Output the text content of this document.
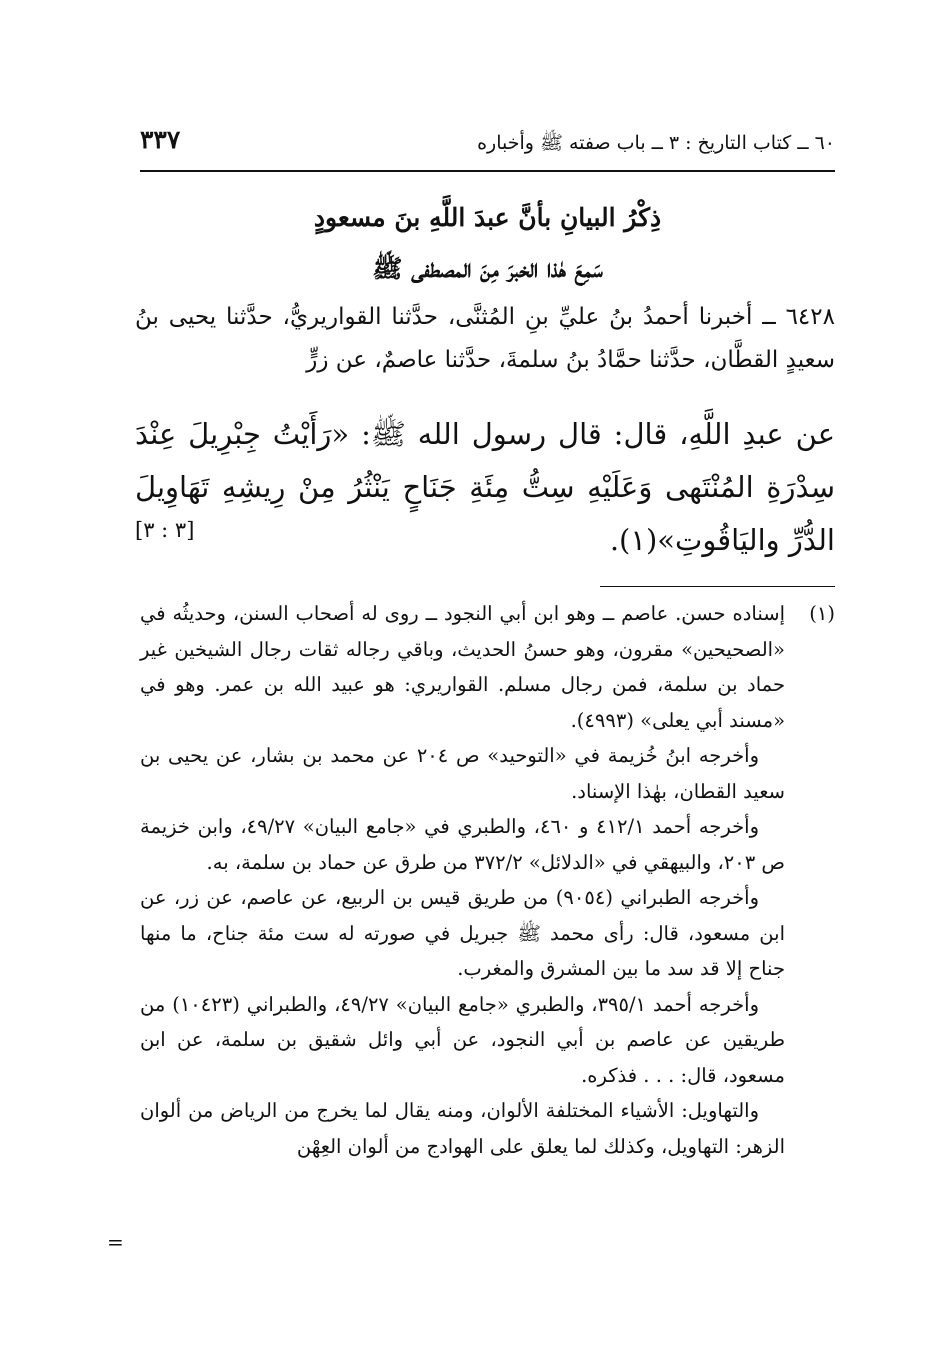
٦٠ ــ كتاب التاريخ : ٣ ــ باب صفته ﷺ وأخباره
٣٣٧
ذِكْرُ البيانِ بأنَّ عبدَ اللَّهِ بنَ مسعودٍ
سَمِعَ هٰذا الخبرَ مِنَ المصطفى ﷺ

٦٤٢٨ ــ أخبرنا أحمدُ بنُ عليِّ بنِ المُثنَّى، حدَّثنا القواريريُّ، حدَّثنا يحيى بنُ سعيدٍ القطَّان، حدَّثنا حمَّادُ بنُ سلمةَ، حدَّثنا عاصمٌ، عن زرٍّ

عن عبدِ اللَّهِ، قال: قال رسول الله ﷺ: «رَأَيْتُ جِبْرِيلَ عِنْدَ سِدْرَةِ المُنْتَهى وَعَلَيْهِ سِتُّ مِئَةِ جَنَاحٍ يَنْثُرُ مِنْ رِيشِهِ تَهَاوِيلَ الدُّرِّ واليَاقُوتِ»(١).

[٣ : ٣]
(١)

إسناده حسن. عاصم ــ وهو ابن أبي النجود ــ روى له أصحاب السنن، وحديثُه في «الصحيحين» مقرون، وهو حسنُ الحديث، وباقي رجاله ثقات رجال الشيخين غير حماد بن سلمة، فمن رجال مسلم. القواريري: هو عبيد الله بن عمر. وهو في «مسند أبي يعلى» (٤٩٩٣).

وأخرجه ابنُ خُزيمة في «التوحيد» ص ٢٠٤ عن محمد بن بشار، عن يحيى بن سعيد القطان، بهٰذا الإسناد.

وأخرجه أحمد ٤١٢/١ و ٤٦٠، والطبري في «جامع البيان» ٤٩/٢٧، وابن خزيمة ص ٢٠٣، والبيهقي في «الدلائل» ٣٧٢/٢ من طرق عن حماد بن سلمة، به.

وأخرجه الطبراني (٩٠٥٤) من طريق قيس بن الربيع، عن عاصم، عن زر، عن ابن مسعود، قال: رأى محمد ﷺ جبريل في صورته له ست مئة جناح، ما منها جناح إلا قد سد ما بين المشرق والمغرب.

وأخرجه أحمد ٣٩٥/١، والطبري «جامع البيان» ٤٩/٢٧، والطبراني (١٠٤٢٣) من طريقين عن عاصم بن أبي النجود، عن أبي وائل شقيق بن سلمة، عن ابن مسعود، قال: . . . فذكره.

والتهاويل: الأشياء المختلفة الألوان، ومنه يقال لما يخرج من الرياض من ألوان الزهر: التهاويل، وكذلك لما يعلق على الهوادج من ألوان العِهْن

=
